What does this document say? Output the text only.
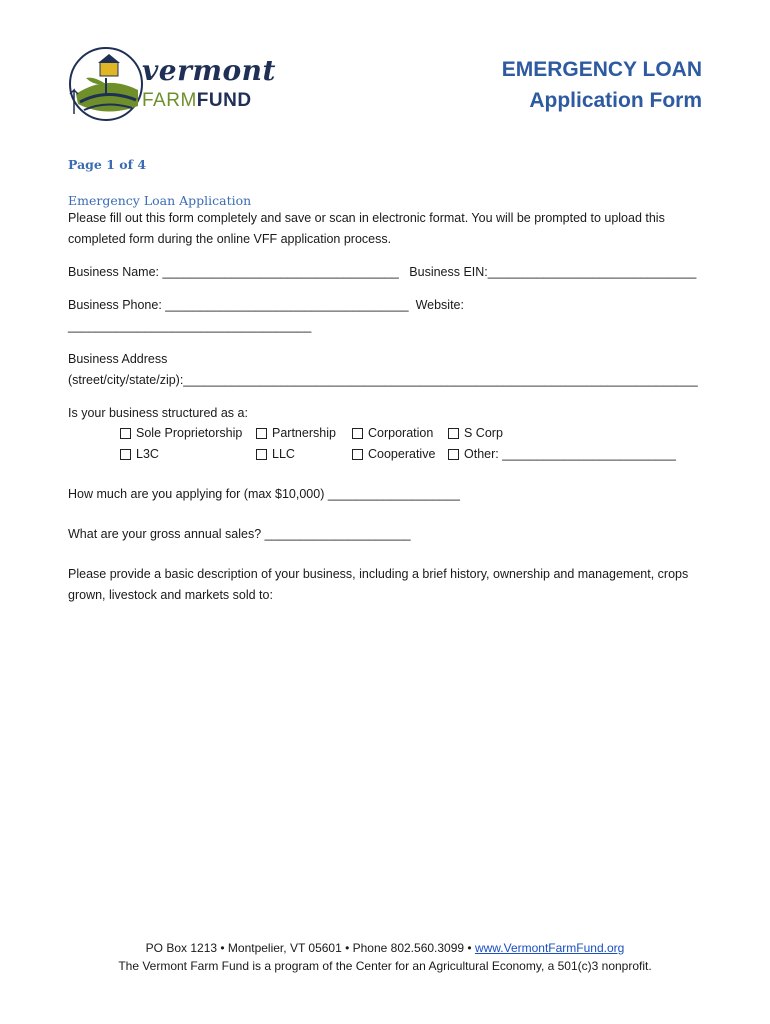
vermont
FARMFUND
EMERGENCY LOAN
Application Form
Page 1 of 4
Emergency Loan Application
Please fill out this form completely and save or scan in electronic format. You will be prompted to upload this
completed form during the online VFF application process.
Business Name: __________________________________ Business EIN:______________________________
Business Phone: ___________________________________ Website: ___________________________________
Business Address
(street/city/state/zip):__________________________________________________________________________
Is your business structured as a:
Sole Proprietorship Partnership	Corporation S Corp
L3C	LLC	Cooperative Other: _________________________
How much are you applying for (max $10,000) ___________________
What are your gross annual sales? _____________________
Please provide a basic description of your business, including a brief history, ownership and management, crops
grown, livestock and markets sold to:
PO Box 1213 • Montpelier, VT 05601 • Phone 802.560.3099 • www.VermontFarmFund.org
The Vermont Farm Fund is a program of the Center for an Agricultural Economy, a 501(c)3 nonprofit.
